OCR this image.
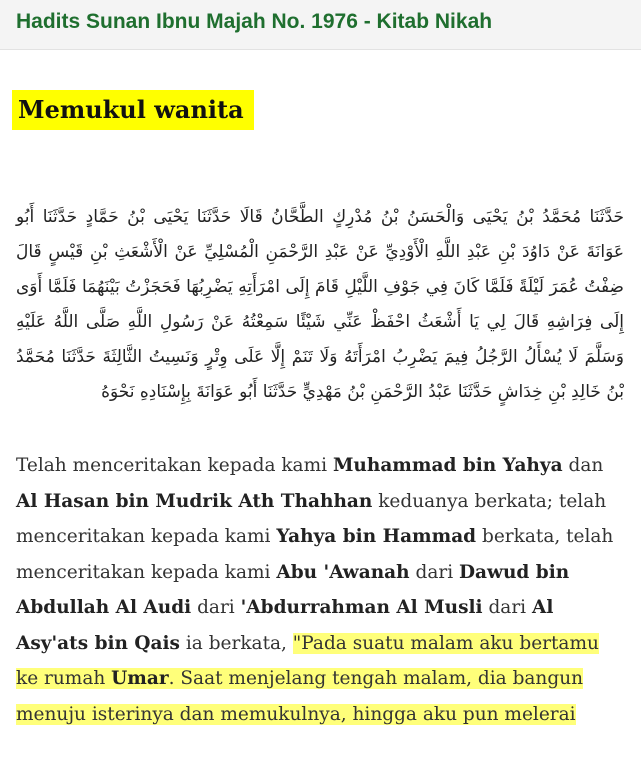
Hadits Sunan Ibnu Majah No. 1976 - Kitab Nikah
Memukul wanita

حَدَّثَنَا مُحَمَّدُ بْنُ يَحْيَى وَالْحَسَنُ بْنُ مُدْرِكٍ الطَّحَّانُ قَالَا حَدَّثَنَا يَحْيَى بْنُ حَمَّادٍ حَدَّثَنَا أَبُو عَوَانَةَ عَنْ دَاوُدَ بْنِ عَبْدِ اللَّهِ الْأَوْدِيِّ عَنْ عَبْدِ الرَّحْمَنِ الْمُسْلِيِّ عَنْ الْأَشْعَثِ بْنِ قَيْسٍ قَالَ ضِفْتُ عُمَرَ لَيْلَةً فَلَمَّا كَانَ فِي جَوْفِ اللَّيْلِ قَامَ إِلَى امْرَأَتِهِ يَضْرِبُهَا فَحَجَزْتُ بَيْنَهُمَا فَلَمَّا أَوَى إِلَى فِرَاشِهِ قَالَ لِي يَا أَشْعَثُ احْفَظْ عَنِّي شَيْئًا سَمِعْتُهُ عَنْ رَسُولِ اللَّهِ صَلَّى اللَّهُ عَلَيْهِ وَسَلَّمَ لَا يُسْأَلُ الرَّجُلُ فِيمَ يَضْرِبُ امْرَأَتَهُ وَلَا تَنَمْ إِلَّا عَلَى وِتْرٍ وَنَسِيتُ الثَّالِثَةَ حَدَّثَنَا مُحَمَّدُ بْنُ خَالِدِ بْنِ خِدَاشٍ حَدَّثَنَا عَبْدُ الرَّحْمَنِ بْنُ مَهْدِيٍّ حَدَّثَنَا أَبُو عَوَانَةَ بِإِسْنَادِهِ نَحْوَهُ

Telah menceritakan kepada kami Muhammad bin Yahya dan Al Hasan bin Mudrik Ath Thahhan keduanya berkata; telah menceritakan kepada kami Yahya bin Hammad berkata, telah menceritakan kepada kami Abu 'Awanah dari Dawud bin Abdullah Al Audi dari 'Abdurrahman Al Musli dari Al Asy'ats bin Qais ia berkata, "Pada suatu malam aku bertamu ke rumah Umar. Saat menjelang tengah malam, dia bangun menuju isterinya dan memukulnya, hingga aku pun melerai
